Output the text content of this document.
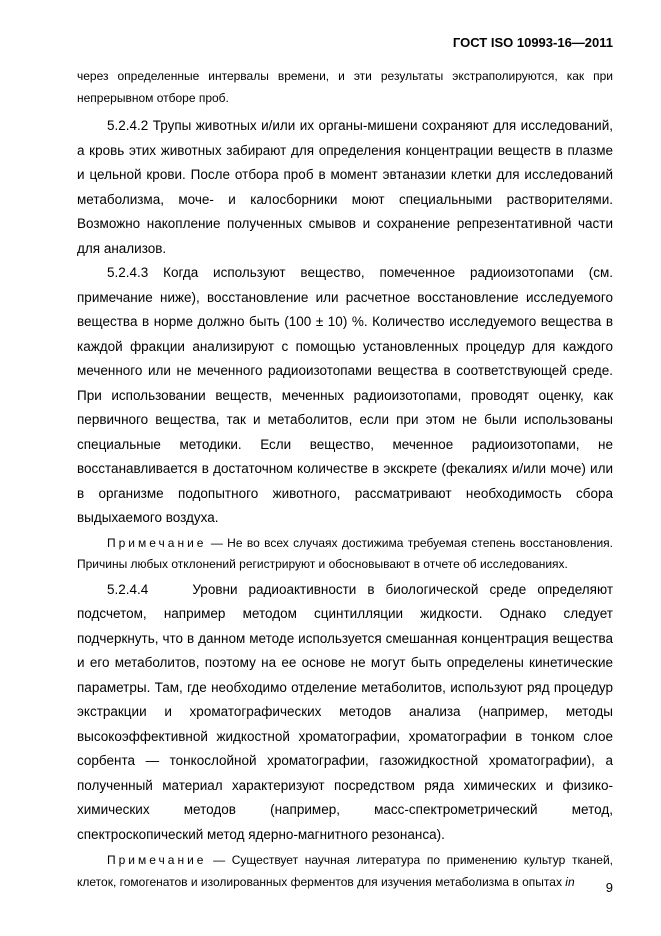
ГОСТ ISO 10993-16—2011

через определенные интервалы времени, и эти результаты экстраполируются, как при непрерывном отборе проб.

5.2.4.2 Трупы животных и/или их органы-мишени сохраняют для исследований, а кровь этих животных забирают для определения концентрации веществ в плазме и цельной крови. После отбора проб в момент эвтаназии клетки для исследований метаболизма, моче- и калосборники моют специальными растворителями. Возможно накопление полученных смывов и сохранение репрезентативной части для анализов.

5.2.4.3 Когда используют вещество, помеченное радиоизотопами (см. примечание ниже), восстановление или расчетное восстановление исследуемого вещества в норме должно быть (100 ± 10) %. Количество исследуемого вещества в каждой фракции анализируют с помощью установленных процедур для каждого меченного или не меченного радиоизотопами вещества в соответствующей среде. При использовании веществ, меченных радиоизотопами, проводят оценку, как первичного вещества, так и метаболитов, если при этом не были использованы специальные методики. Если вещество, меченное радиоизотопами, не восстанавливается в достаточном количестве в экскрете (фекалиях и/или моче) или в организме подопытного животного, рассматривают необходимость сбора выдыхаемого воздуха.

Примечание — Не во всех случаях достижима требуемая степень восстановления. Причины любых отклонений регистрируют и обосновывают в отчете об исследованиях.

5.2.4.4    Уровни радиоактивности в биологической среде определяют подсчетом, например методом сцинтилляции жидкости. Однако следует подчеркнуть, что в данном методе используется смешанная концентрация вещества и его метаболитов, поэтому на ее основе не могут быть определены кинетические параметры. Там, где необходимо отделение метаболитов, используют ряд процедур экстракции и хроматографических методов анализа (например, методы высокоэффективной жидкостной хроматографии, хроматографии в тонком слое сорбента — тонкослойной хроматографии, газожидкостной хроматографии), а полученный материал характеризуют посредством ряда химических и физико-химических методов (например, масс-спектрометрический метод, спектроскопический метод ядерно-магнитного резонанса).

Примечание — Существует научная литература по применению культур тканей, клеток, гомогенатов и изолированных ферментов для изучения метаболизма в опытах in	9
